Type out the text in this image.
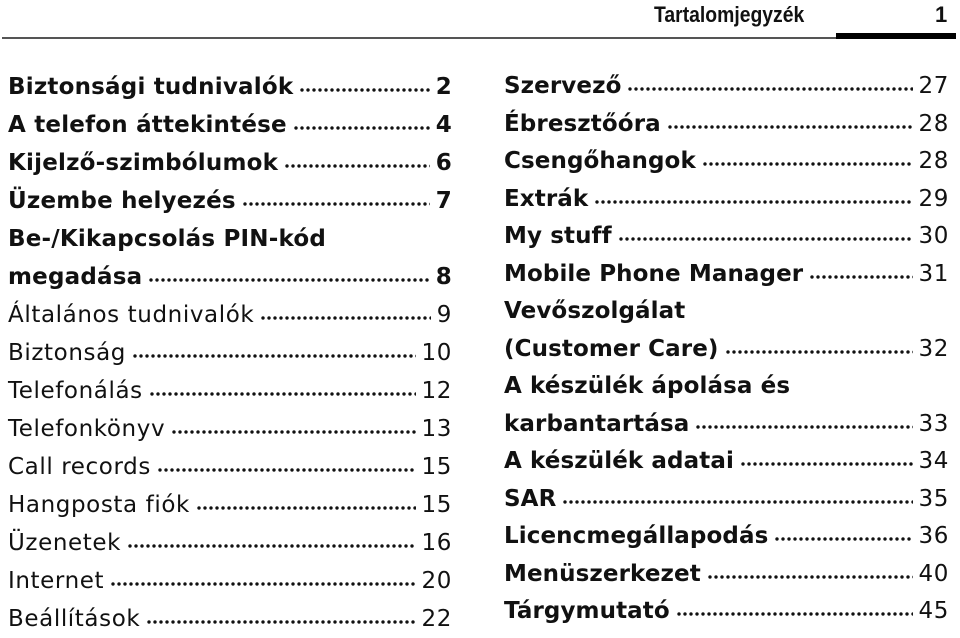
Tartalomjegyzék	1
Biztonsági tudnivalók	2
A telefon áttekintése	4
Kijelző-szimbólumok	6
Üzembe helyezés	7
Be-/Kikapcsolás PIN-kód
megadása	8
Általános tudnivalók	9
Biztonság	10
Telefonálás	12
Telefonkönyv	13
Call records	15
Hangposta fiók	15
Üzenetek	16
Internet	20
Beállítások	22
Szervező	27
Ébresztőóra	28
Csengőhangok	28
Extrák	29
My stuff	30
Mobile Phone Manager	31
Vevőszolgálat
(Customer Care)	32
A készülék ápolása és
karbantartása	33
A készülék adatai	34
SAR	35
Licencmegállapodás	36
Menüszerkezet	40
Tárgymutató	45
